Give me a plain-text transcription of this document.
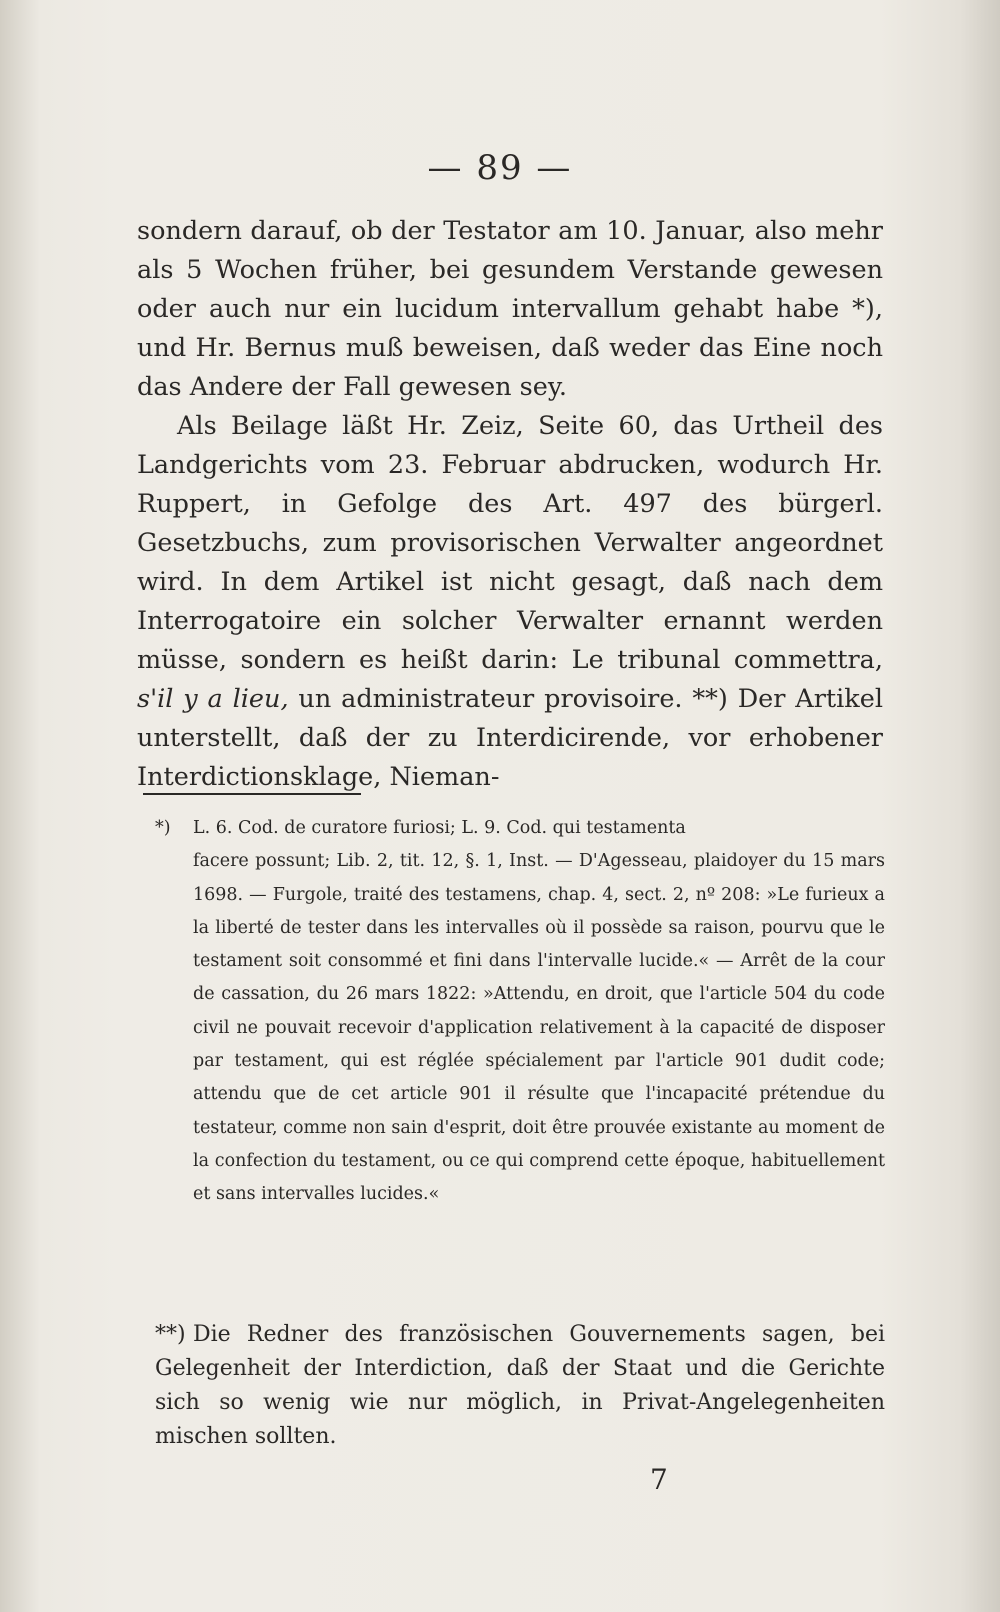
— 89 —

sondern darauf, ob der Testator am 10. Januar, also mehr als 5 Wochen früher, bei gesundem Verstande gewesen oder auch nur ein lucidum intervallum gehabt habe *), und Hr. Bernus muß beweisen, daß weder das Eine noch das Andere der Fall gewesen sey.

Als Beilage läßt Hr. Zeiz, Seite 60, das Urtheil des Landgerichts vom 23. Februar abdrucken, wodurch Hr. Ruppert, in Gefolge des Art. 497 des bürgerl. Gesetzbuchs, zum provisorischen Verwalter angeordnet wird. In dem Artikel ist nicht gesagt, daß nach dem Interrogatoire ein solcher Verwalter ernannt werden müsse, sondern es heißt darin: Le tribunal commettra, s'il y a lieu, un administrateur provisoire. **) Der Artikel unterstellt, daß der zu Interdicirende, vor erhobener Interdictionsklage, Nieman-

*) L. 6. Cod. de curatore furiosi; L. 9. Cod. qui testamenta
facere possunt; Lib. 2, tit. 12, §. 1, Inst. — D'Agesseau, plaidoyer du 15 mars 1698. — Furgole, traité des testamens, chap. 4, sect. 2, nº 208: »Le furieux a la liberté de tester dans les intervalles où il possède sa raison, pourvu que le testament soit consommé et fini dans l'intervalle lucide.« — Arrêt de la cour de cassation, du 26 mars 1822: »Attendu, en droit, que l'article 504 du code civil ne pouvait recevoir d'application relativement à la capacité de disposer par testament, qui est réglée spécialement par l'article 901 dudit code; attendu que de cet article 901 il résulte que l'incapacité prétendue du testateur, comme non sain d'esprit, doit être prouvée existante au moment de la confection du testament, ou ce qui comprend cette époque, habituellement et sans intervalles lucides.«
**) Die Redner des französischen Gouvernements sagen, bei Gelegenheit der Interdiction, daß der Staat und die Gerichte sich so wenig wie nur möglich, in Privat-Angelegenheiten mischen sollten.
7
